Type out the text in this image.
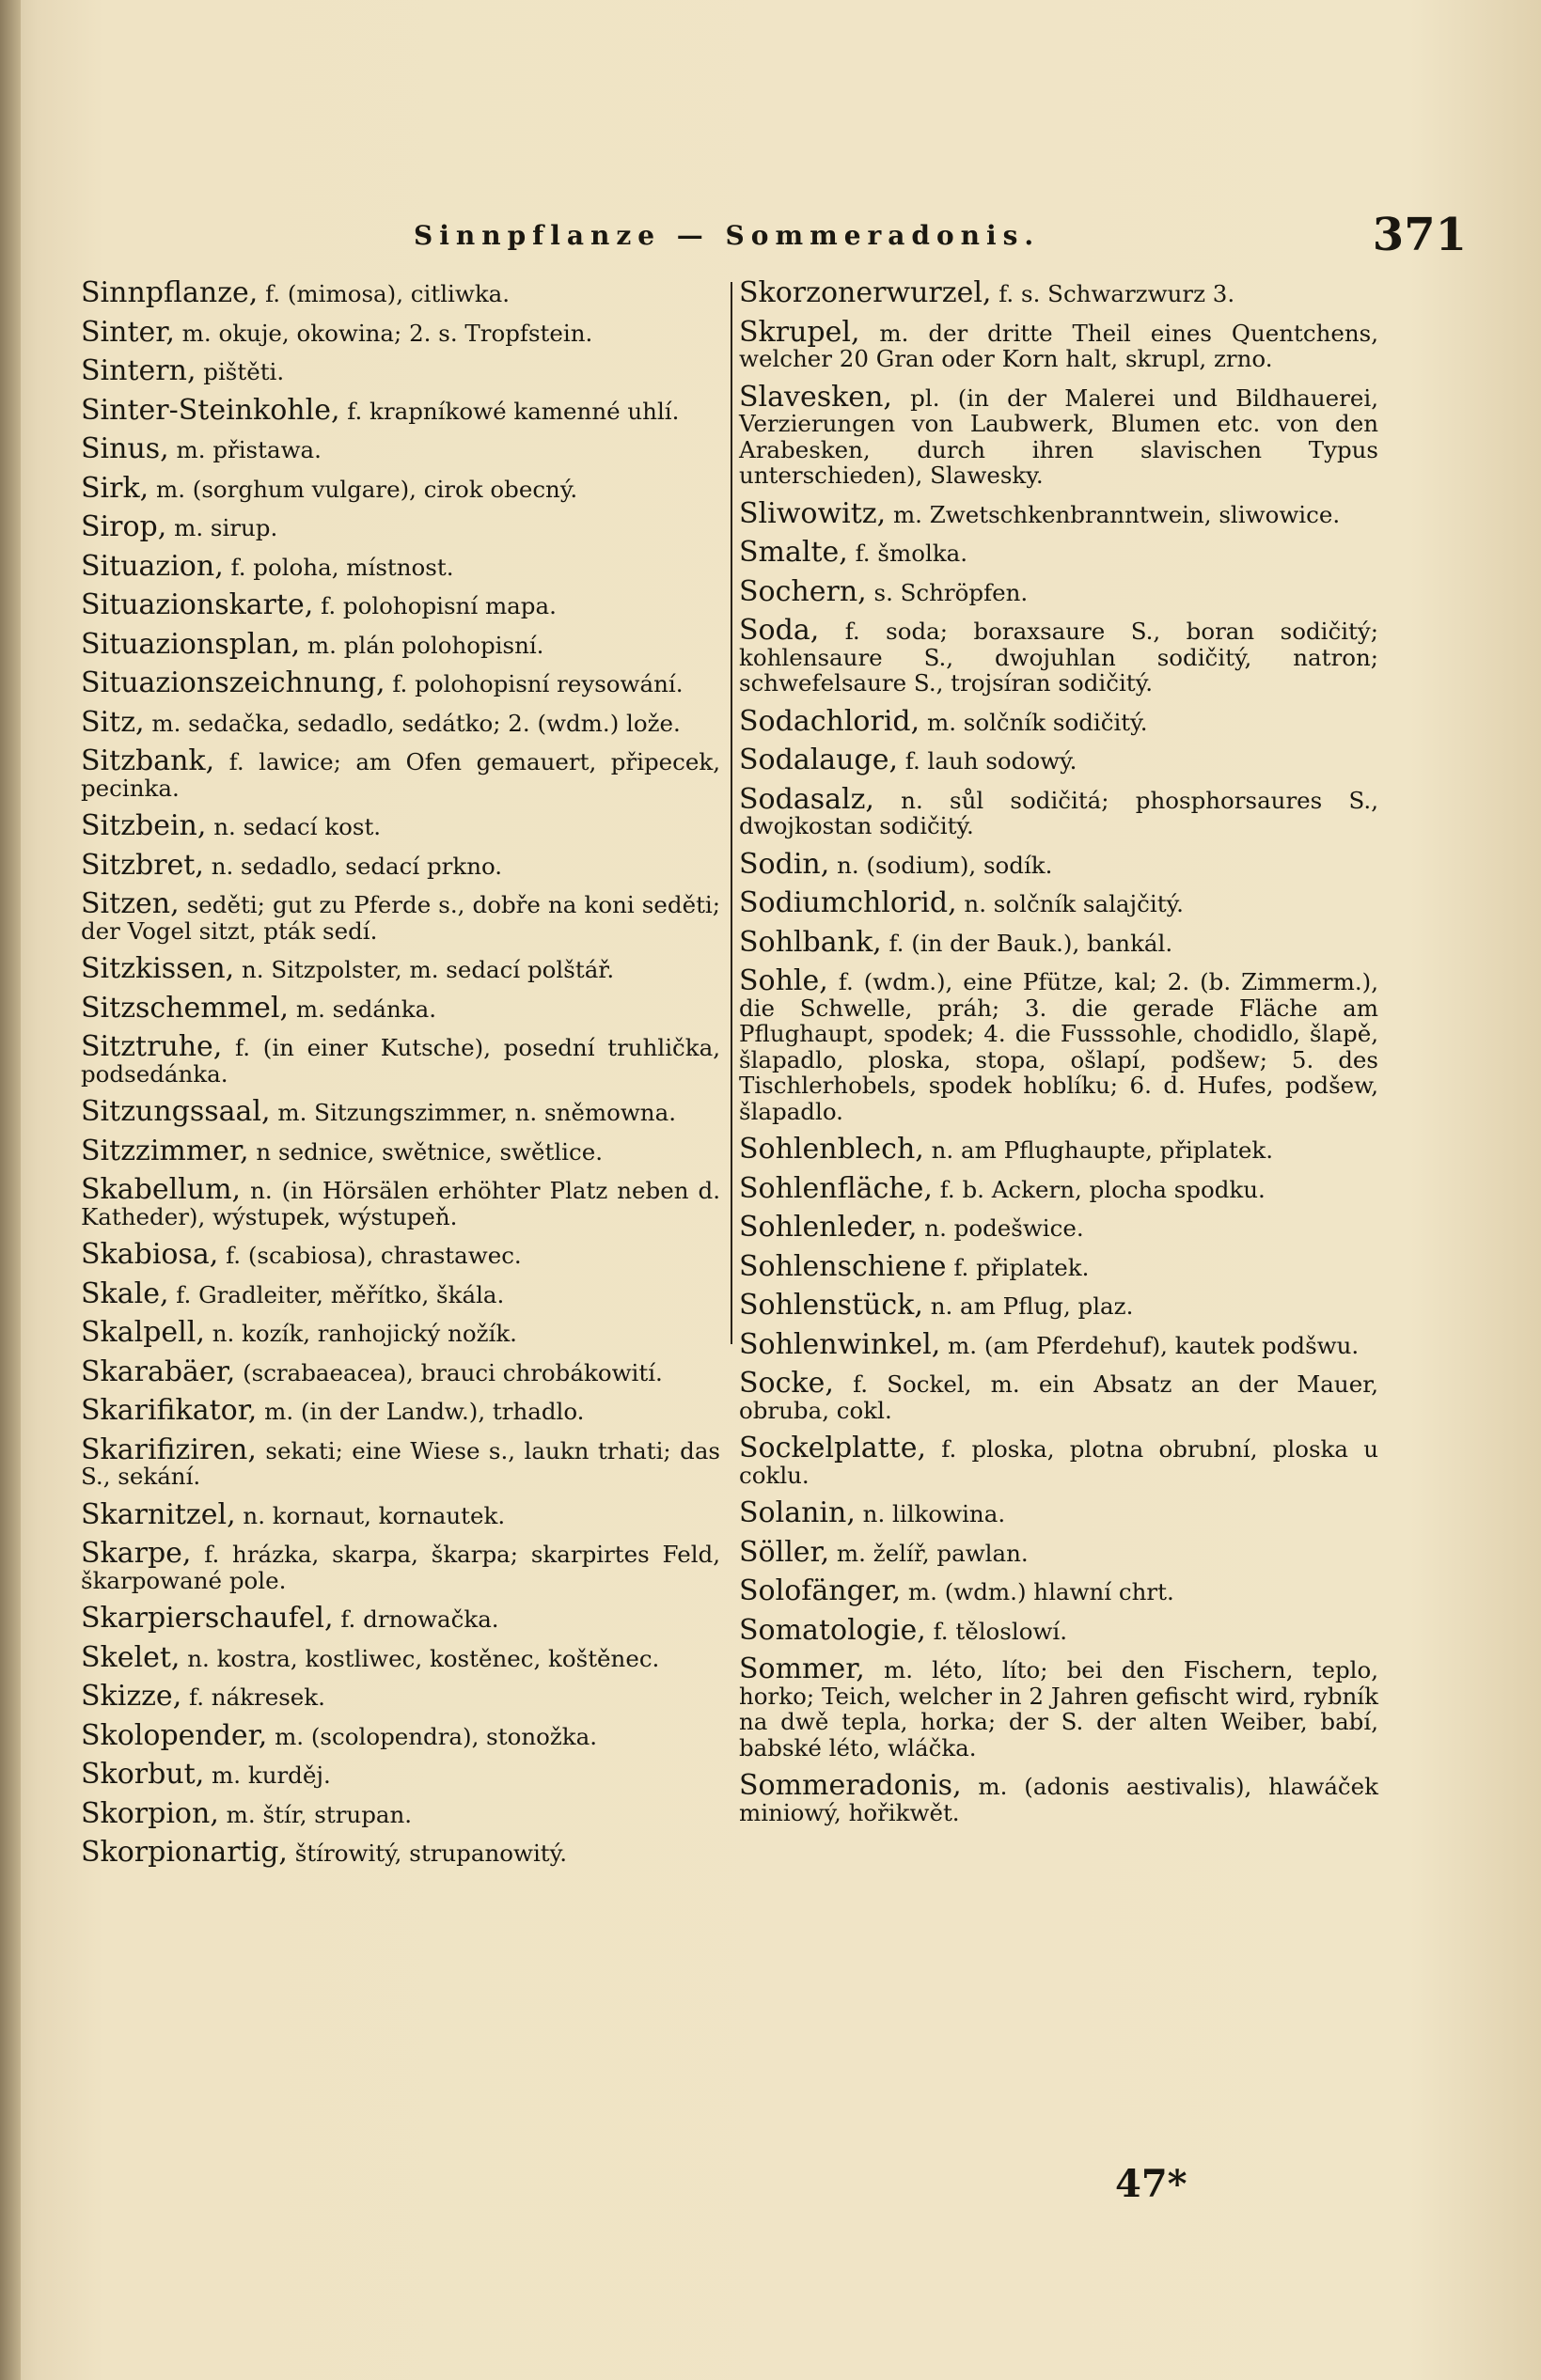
Sinnpflanze — Sommeradonis.	371
Sinnpflanze, f. (mimosa), citliwka.
Sinter, m. okuje, okowina; 2. s. Tropfstein.
Sintern, pištěti.
Sinter-Steinkohle, f. krapníkowé kamenné uhlí.
Sinus, m. přistawa.
Sirk, m. (sorghum vulgare), cirok obecný.
Sirop, m. sirup.
Situazion, f. poloha, místnost.
Situazionskarte, f. polohopisní mapa.
Situazionsplan, m. plán polohopisní.
Situazionszeichnung, f. polohopisní reysowání.
Sitz, m. sedačka, sedadlo, sedátko; 2. (wdm.) lože.
Sitzbank, f. lawice; am Ofen gemauert, připecek, pecinka.
Sitzbein, n. sedací kost.
Sitzbret, n. sedadlo, sedací prkno.
Sitzen, seděti; gut zu Pferde s., dobře na koni seděti; der Vogel sitzt, pták sedí.
Sitzkissen, n. Sitzpolster, m. sedací polštář.
Sitzschemmel, m. sedánka.
Sitztruhe, f. (in einer Kutsche), posední truhlička, podsedánka.
Sitzungssaal, m. Sitzungszimmer, n. sněmowna.
Sitzzimmer, n sednice, swětnice, swětlice.
Skabellum, n. (in Hörsälen erhöhter Platz neben d. Katheder), wýstupek, wýstupeň.
Skabiosa, f. (scabiosa), chrastawec.
Skale, f. Gradleiter, měřítko, škála.
Skalpell, n. kozík, ranhojický nožík.
Skarabäer, (scrabaeacea), brauci chrobákowití.
Skarifikator, m. (in der Landw.), trhadlo.
Skarifiziren, sekati; eine Wiese s., laukn trhati; das S., sekání.
Skarnitzel, n. kornaut, kornautek.
Skarpe, f. hrázka, skarpa, škarpa; skarpirtes Feld, škarpowané pole.
Skarpierschaufel, f. drnowačka.
Skelet, n. kostra, kostliwec, kostěnec, koštěnec.
Skizze, f. nákresek.
Skolopender, m. (scolopendra), stonožka.
Skorbut, m. kurděj.
Skorpion, m. štír, strupan.
Skorpionartig, štírowitý, strupanowitý.
Skorzonerwurzel, f. s. Schwarzwurz 3.
Skrupel, m. der dritte Theil eines Quentchens, welcher 20 Gran oder Korn halt, skrupl, zrno.
Slavesken, pl. (in der Malerei und Bildhauerei, Verzierungen von Laubwerk, Blumen etc. von den Arabesken, durch ihren slavischen Typus unterschieden), Slawesky.
Sliwowitz, m. Zwetschkenbranntwein, sliwowice.
Smalte, f. šmolka.
Sochern, s. Schröpfen.
Soda, f. soda; boraxsaure S., boran sodičitý; kohlensaure S., dwojuhlan sodičitý, natron; schwefelsaure S., trojsíran sodičitý.
Sodachlorid, m. solčník sodičitý.
Sodalauge, f. lauh sodowý.
Sodasalz, n. sůl sodičitá; phosphorsaures S., dwojkostan sodičitý.
Sodin, n. (sodium), sodík.
Sodiumchlorid, n. solčník salajčitý.
Sohlbank, f. (in der Bauk.), bankál.
Sohle, f. (wdm.), eine Pfütze, kal; 2. (b. Zimmerm.), die Schwelle, práh; 3. die gerade Fläche am Pflughaupt, spodek; 4. die Fusssohle, chodidlo, šlapě, šlapadlo, ploska, stopa, ošlapí, podšew; 5. des Tischlerhobels, spodek hoblíku; 6. d. Hufes, podšew, šlapadlo.
Sohlenblech, n. am Pflughaupte, připlatek.
Sohlenfläche, f. b. Ackern, plocha spodku.
Sohlenleder, n. podešwice.
Sohlenschiene f. připlatek.
Sohlenstück, n. am Pflug, plaz.
Sohlenwinkel, m. (am Pferdehuf), kautek podšwu.
Socke, f. Sockel, m. ein Absatz an der Mauer, obruba, cokl.
Sockelplatte, f. ploska, plotna obrubní, ploska u coklu.
Solanin, n. lilkowina.
Söller, m. želíř, pawlan.
Solofänger, m. (wdm.) hlawní chrt.
Somatologie, f. těloslowí.
Sommer, m. léto, líto; bei den Fischern, teplo, horko; Teich, welcher in 2 Jahren gefischt wird, rybník na dwě tepla, horka; der S. der alten Weiber, babí, babské léto, wláčka.
Sommeradonis, m. (adonis aestivalis), hlawáček miniowý, hořikwět.
47*
